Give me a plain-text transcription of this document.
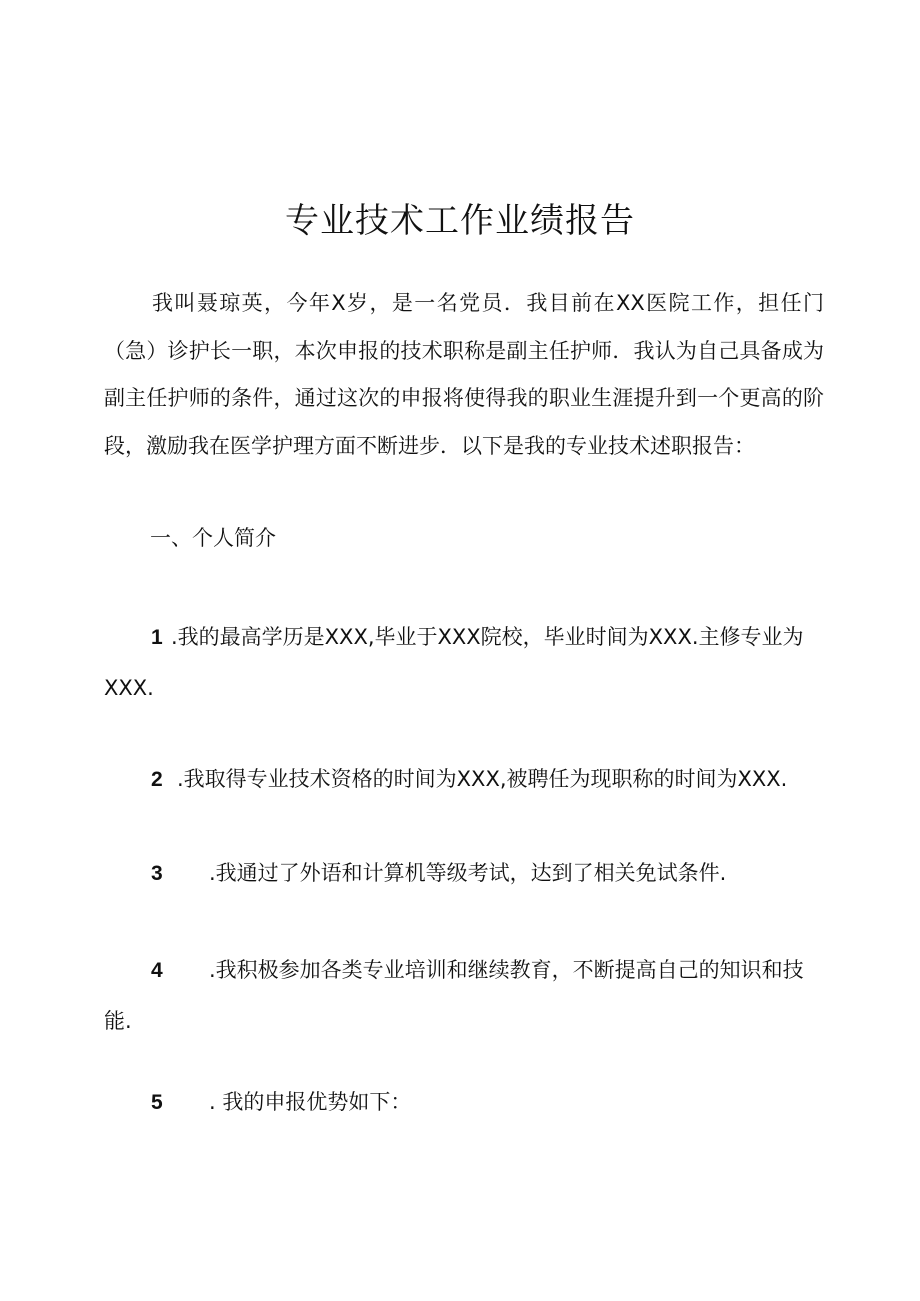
专业技术工作业绩报告

我叫聂琼英，今年X岁，是一名党员．我目前在XX医院工作，担任门（急）诊护长一职，本次申报的技术职称是副主任护师．我认为自己具备成为副主任护师的条件，通过这次的申报将使得我的职业生涯提升到一个更高的阶段，激励我在医学护理方面不断进步．以下是我的专业技术述职报告：

一、个人简介

1 .我的最高学历是XXX,毕业于XXX院校，毕业时间为XXX.主修专业为XXX.

2 .我取得专业技术资格的时间为XXX,被聘任为现职称的时间为XXX.

3 .我通过了外语和计算机等级考试，达到了相关免试条件.

4 .我积极参加各类专业培训和继续教育，不断提高自己的知识和技能.

5 . 我的申报优势如下：
